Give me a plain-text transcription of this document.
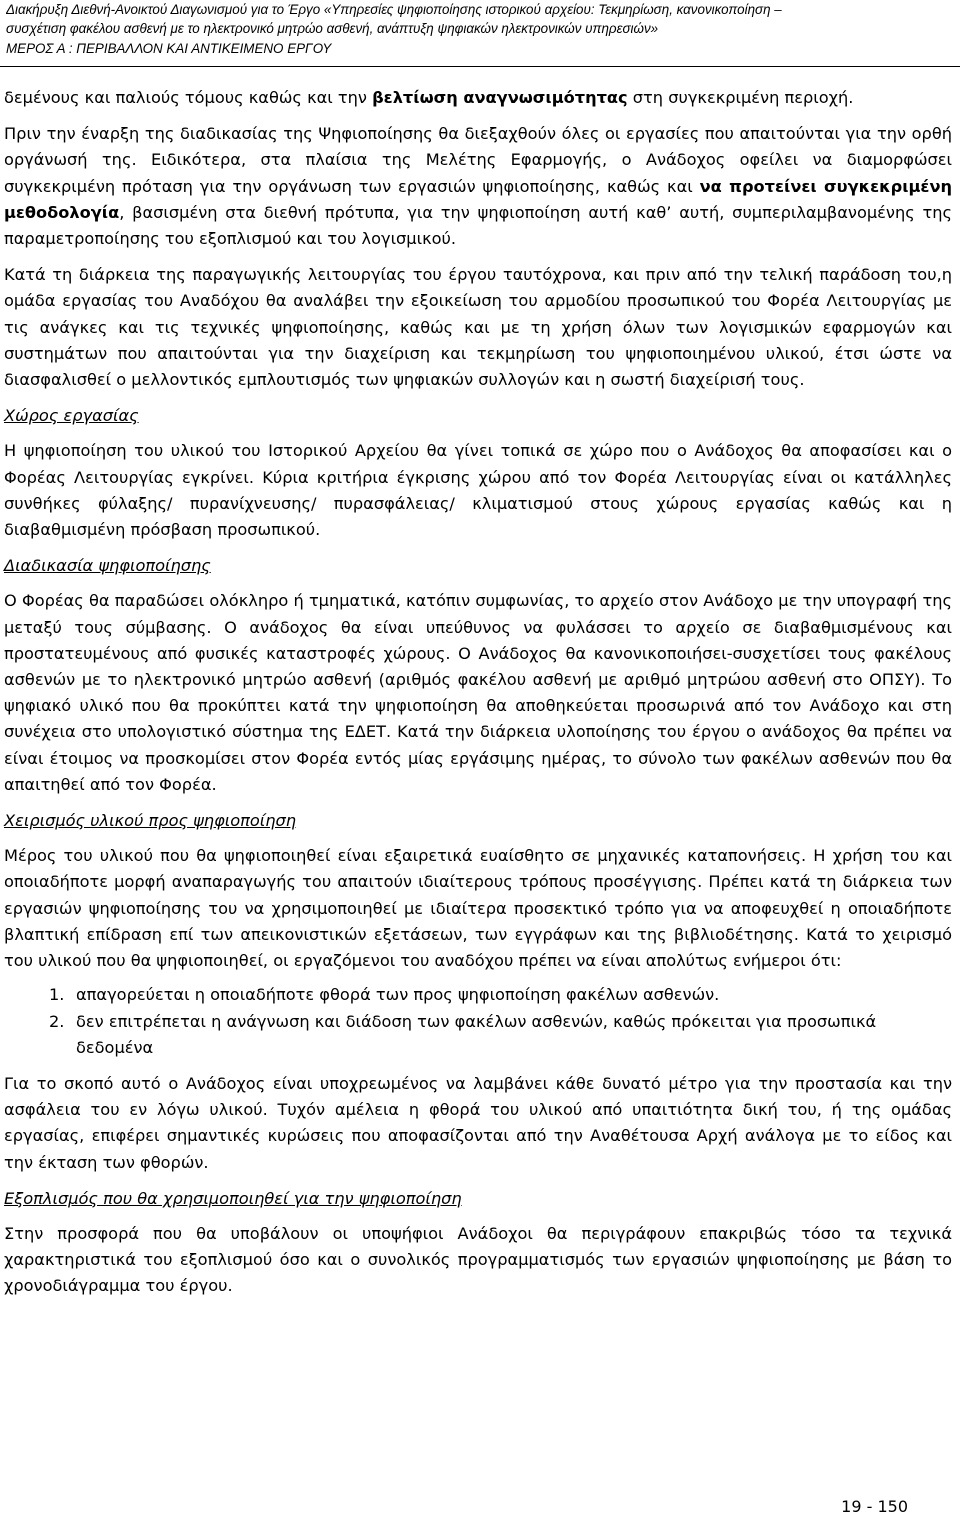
Διακήρυξη Διεθνή-Ανοικτού Διαγωνισμού για το Έργο «Υπηρεσίες ψηφιοποίησης ιστορικού αρχείου: Τεκμηρίωση, κανονικοποίηση –
συσχέτιση φακέλου ασθενή με το ηλεκτρονικό μητρώο ασθενή, ανάπτυξη ψηφιακών ηλεκτρονικών υπηρεσιών»
ΜΕΡΟΣ Α : ΠΕΡΙΒΑΛΛΟΝ ΚΑΙ ΑΝΤΙΚΕΙΜΕΝΟ ΕΡΓΟΥ

δεμένους και παλιούς τόμους καθώς και την βελτίωση αναγνωσιμότητας στη συγκεκριμένη περιοχή.

Πριν την έναρξη της διαδικασίας της Ψηφιοποίησης θα διεξαχθούν όλες οι εργασίες που απαιτούνται για την ορθή οργάνωσή της. Ειδικότερα, στα πλαίσια της Μελέτης Εφαρμογής, ο Ανάδοχος οφείλει να διαμορφώσει συγκεκριμένη πρόταση για την οργάνωση των εργασιών ψηφιοποίησης, καθώς και να προτείνει συγκεκριμένη μεθοδολογία, βασισμένη στα διεθνή πρότυπα, για την ψηφιοποίηση αυτή καθ’ αυτή, συμπεριλαμβανομένης της παραμετροποίησης του εξοπλισμού και του λογισμικού.

Κατά τη διάρκεια της παραγωγικής λειτουργίας του έργου ταυτόχρονα, και πριν από την τελική παράδοση του,η ομάδα εργασίας του Αναδόχου θα αναλάβει την εξοικείωση του αρμοδίου προσωπικού του Φορέα Λειτουργίας με τις ανάγκες και τις τεχνικές ψηφιοποίησης, καθώς και με τη χρήση όλων των λογισμικών εφαρμογών και συστημάτων που απαιτούνται για την διαχείριση και τεκμηρίωση του ψηφιοποιημένου υλικού, έτσι ώστε να διασφαλισθεί ο μελλοντικός εμπλουτισμός των ψηφιακών συλλογών και η σωστή διαχείρισή τους.

Χώρος εργασίας

Η ψηφιοποίηση του υλικού του Ιστορικού Αρχείου θα γίνει τοπικά σε χώρο που ο Ανάδοχος θα αποφασίσει και ο Φορέας Λειτουργίας εγκρίνει. Κύρια κριτήρια έγκρισης χώρου από τον Φορέα Λειτουργίας είναι οι κατάλληλες συνθήκες φύλαξης/ πυρανίχνευσης/ πυρασφάλειας/ κλιματισμού στους χώρους εργασίας καθώς και η διαβαθμισμένη πρόσβαση προσωπικού.

Διαδικασία ψηφιοποίησης

Ο Φορέας θα παραδώσει ολόκληρο ή τμηματικά, κατόπιν συμφωνίας, το αρχείο στον Ανάδοχο με την υπογραφή της μεταξύ τους σύμβασης. Ο ανάδοχος θα είναι υπεύθυνος να φυλάσσει το αρχείο σε διαβαθμισμένους και προστατευμένους από φυσικές καταστροφές χώρους. Ο Ανάδοχος θα κανονικοποιήσει-συσχετίσει τους φακέλους ασθενών με το ηλεκτρονικό μητρώο ασθενή (αριθμός φακέλου ασθενή με αριθμό μητρώου ασθενή στο ΟΠΣΥ). Το ψηφιακό υλικό που θα προκύπτει κατά την ψηφιοποίηση θα αποθηκεύεται προσωρινά από τον Ανάδοχο και στη συνέχεια στο υπολογιστικό σύστημα της ΕΔΕΤ. Κατά την διάρκεια υλοποίησης του έργου ο ανάδοχος θα πρέπει να είναι έτοιμος να προσκομίσει στον Φορέα εντός μίας εργάσιμης ημέρας, το σύνολο των φακέλων ασθενών που θα απαιτηθεί από τον Φορέα.

Χειρισμός υλικού προς ψηφιοποίηση

Μέρος του υλικού που θα ψηφιοποιηθεί είναι εξαιρετικά ευαίσθητο σε μηχανικές καταπονήσεις. Η χρήση του και οποιαδήποτε μορφή αναπαραγωγής του απαιτούν ιδιαίτερους τρόπους προσέγγισης. Πρέπει κατά τη διάρκεια των εργασιών ψηφιοποίησης του να χρησιμοποιηθεί με ιδιαίτερα προσεκτικό τρόπο για να αποφευχθεί η οποιαδήποτε βλαπτική επίδραση επί των απεικονιστικών εξετάσεων, των εγγράφων και της βιβλιοδέτησης. Κατά το χειρισμό του υλικού που θα ψηφιοποιηθεί, οι εργαζόμενοι του αναδόχου πρέπει να είναι απολύτως ενήμεροι ότι:

1. απαγορεύεται η οποιαδήποτε φθορά των προς ψηφιοποίηση φακέλων ασθενών.
2. δεν επιτρέπεται η ανάγνωση και διάδοση των φακέλων ασθενών, καθώς πρόκειται για προσωπικά δεδομένα

Για το σκοπό αυτό ο Ανάδοχος είναι υποχρεωμένος να λαμβάνει κάθε δυνατό μέτρο για την προστασία και την ασφάλεια του εν λόγω υλικού. Τυχόν αμέλεια η φθορά του υλικού από υπαιτιότητα δική του, ή της ομάδας εργασίας, επιφέρει σημαντικές κυρώσεις που αποφασίζονται από την Αναθέτουσα Αρχή ανάλογα με το είδος και την έκταση των φθορών.

Εξοπλισμός που θα χρησιμοποιηθεί για την ψηφιοποίηση

Στην προσφορά που θα υποβάλουν οι υποψήφιοι Ανάδοχοι θα περιγράφουν επακριβώς τόσο τα τεχνικά χαρακτηριστικά του εξοπλισμού όσο και ο συνολικός προγραμματισμός των εργασιών ψηφιοποίησης με βάση το χρονοδιάγραμμα του έργου.

19 - 150
